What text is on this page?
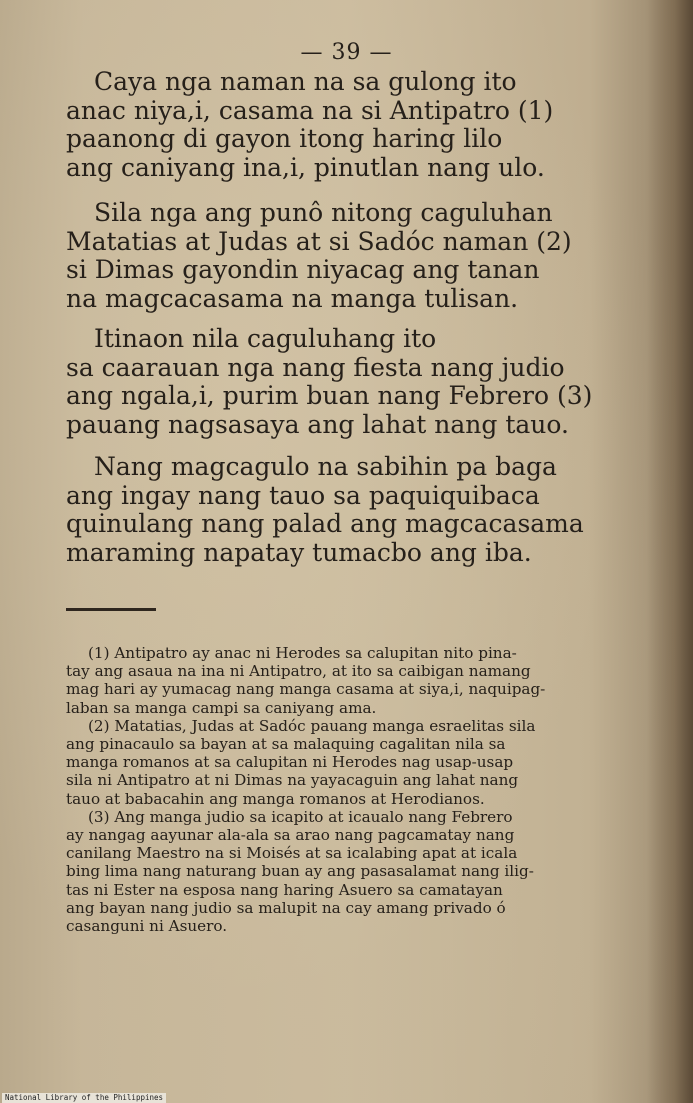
— 39 —
Caya nga naman na sa gulong ito
anac niya,i, casama na si Antipatro (1)
paanong di gayon itong haring lilo
ang caniyang ina,i, pinutlan nang ulo.
Sila nga ang punô nitong caguluhan
Matatias at Judas at si Sadóc naman (2)
si Dimas gayondin niyacag ang tanan
na magcacasama na manga tulisan.
Itinaon nila caguluhang ito
sa caarauan nga nang fiesta nang judio
ang ngala,i, purim buan nang Febrero (3)
pauang nagsasaya ang lahat nang tauo.
Nang magcagulo na sabihin pa baga
ang ingay nang tauo sa paquiquibaca
quinulang nang palad ang magcacasama
maraming napatay tumacbo ang iba.
(1) Antipatro ay anac ni Herodes sa calupitan nito pina-
tay ang asaua na ina ni Antipatro, at ito sa caibigan namang
mag hari ay yumacag nang manga casama at siya,i, naquipag-
laban sa manga campi sa caniyang ama.
(2) Matatias, Judas at Sadóc pauang manga esraelitas sila
ang pinacaulo sa bayan at sa malaquing cagalitan nila sa
manga romanos at sa calupitan ni Herodes nag usap-usap
sila ni Antipatro at ni Dimas na yayacaguin ang lahat nang
tauo at babacahin ang manga romanos at Herodianos.
(3) Ang manga judio sa icapito at icaualo nang Febrero
ay nangag aayunar ala-ala sa arao nang pagcamatay nang
canilang Maestro na si Moisés at sa icalabing apat at icala
bing lima nang naturang buan ay ang pasasalamat nang ilig-
tas ni Ester na esposa nang haring Asuero sa camatayan
ang bayan nang judio sa malupit na cay amang privado ó
casanguni ni Asuero.
National Library of the Philippines
